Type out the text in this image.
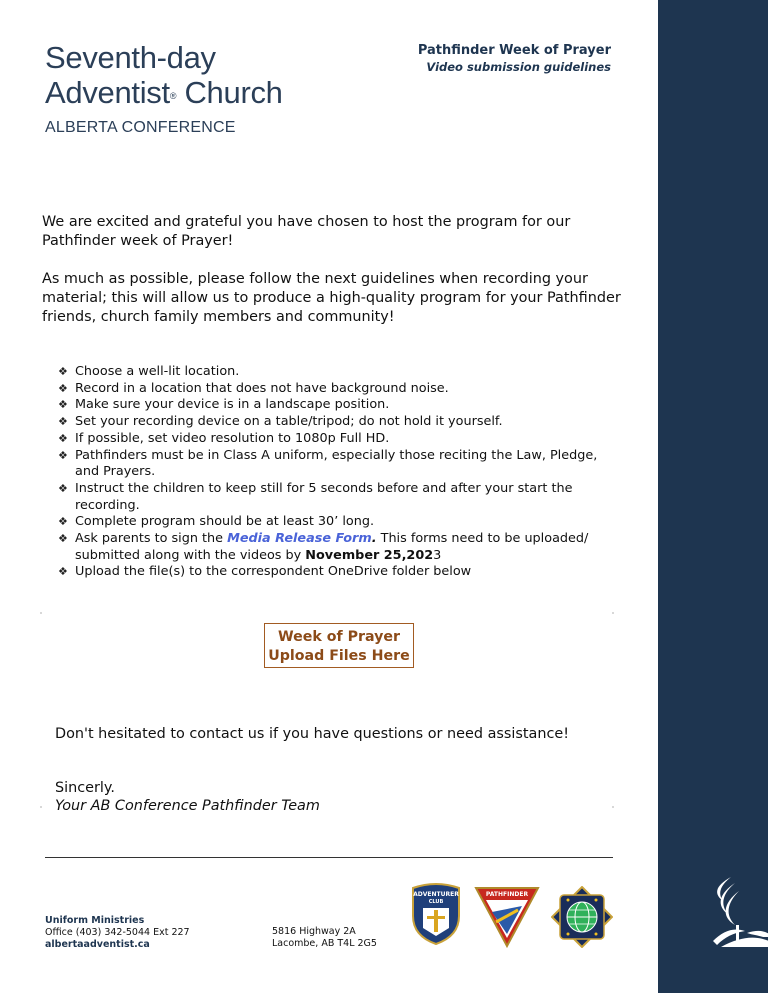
®
Seventh-day
Adventist® Church
ALBERTA CONFERENCE
Pathfinder Week of Prayer
Video submission guidelines
We are excited and grateful you have chosen to host the program for our Pathfinder week of Prayer!
As much as possible, please follow the next guidelines when recording your material; this will allow us to produce a high-quality program for your Pathfinder friends, church family members and community!
❖ Choose a well-lit location.
❖ Record in a location that does not have background noise.
❖ Make sure your device is in a landscape position.
❖ Set your recording device on a table/tripod; do not hold it yourself.
❖ If possible, set video resolution to 1080p Full HD.
❖ Pathfinders must be in Class A uniform, especially those reciting the Law, Pledge, and Prayers.
❖ Instruct the children to keep still for 5 seconds before and after your start the recording.
❖ Complete program should be at least 30’ long.
❖ Ask parents to sign the Media Release Form. This forms need to be uploaded/ submitted along with the videos by November 25,2023
❖ Upload the file(s) to the correspondent OneDrive folder below
Week of Prayer
Upload Files Here
Don't hesitated to contact us if you have questions or need assistance!
Sincerly.
Your AB Conference Pathfinder Team
Uniform Ministries
Office (403) 342-5044 Ext 227
albertaadventist.ca
5816 Highway 2A
Lacombe, AB T4L 2G5
ADVENTURER
CLUB
PATHFINDER
